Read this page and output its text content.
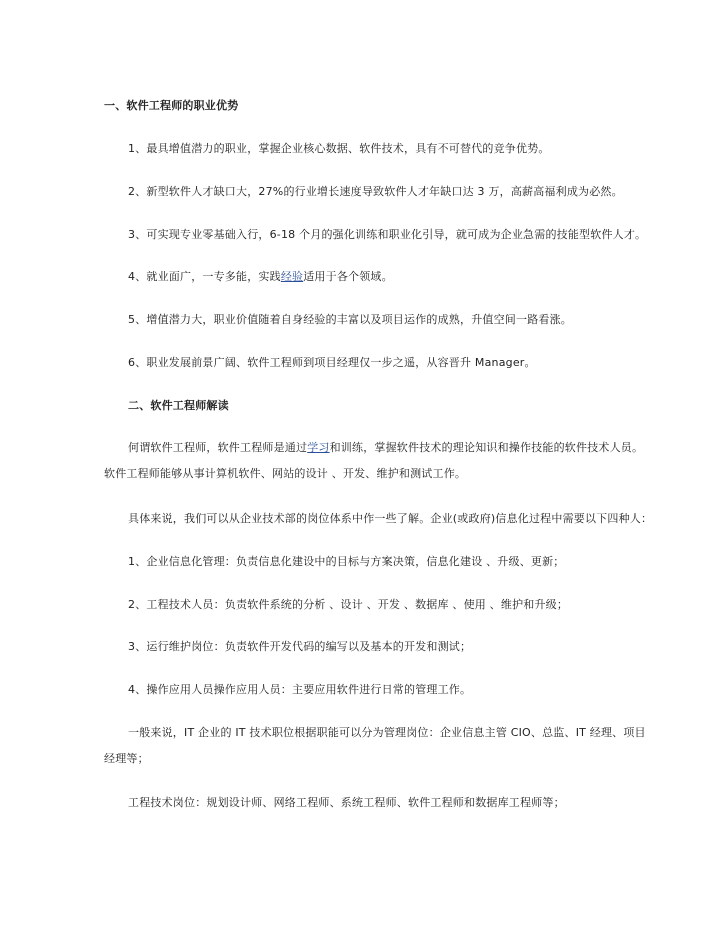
一、软件工程师的职业优势
1、最具增值潜力的职业，掌握企业核心数据、软件技术，具有不可替代的竞争优势。
2、新型软件人才缺口大，27%的行业增长速度导致软件人才年缺口达 3 万，高薪高福利成为必然。
3、可实现专业零基础入行，6-18 个月的强化训练和职业化引导，就可成为企业急需的技能型软件人才。
4、就业面广，一专多能，实践经验适用于各个领域。
5、增值潜力大，职业价值随着自身经验的丰富以及项目运作的成熟，升值空间一路看涨。
6、职业发展前景广阔、软件工程师到项目经理仅一步之遥，从容晋升 Manager。
二、软件工程师解读
何谓软件工程师，软件工程师是通过学习和训练，掌握软件技术的理论知识和操作技能的软件技术人员。
软件工程师能够从事计算机软件、网站的设计 、开发、维护和测试工作。
具体来说，我们可以从企业技术部的岗位体系中作一些了解。企业(或政府)信息化过程中需要以下四种人：
1、企业信息化管理：负责信息化建设中的目标与方案决策，信息化建设 、升级、更新；
2、工程技术人员：负责软件系统的分析 、设计 、开发 、数据库 、使用 、维护和升级；
3、运行维护岗位：负责软件开发代码的编写以及基本的开发和测试；
4、操作应用人员操作应用人员：主要应用软件进行日常的管理工作。
一般来说，IT 企业的 IT 技术职位根据职能可以分为管理岗位：企业信息主管 CIO、总监、IT 经理、项目
经理等；
工程技术岗位：规划设计师、网络工程师、系统工程师、软件工程师和数据库工程师等；
